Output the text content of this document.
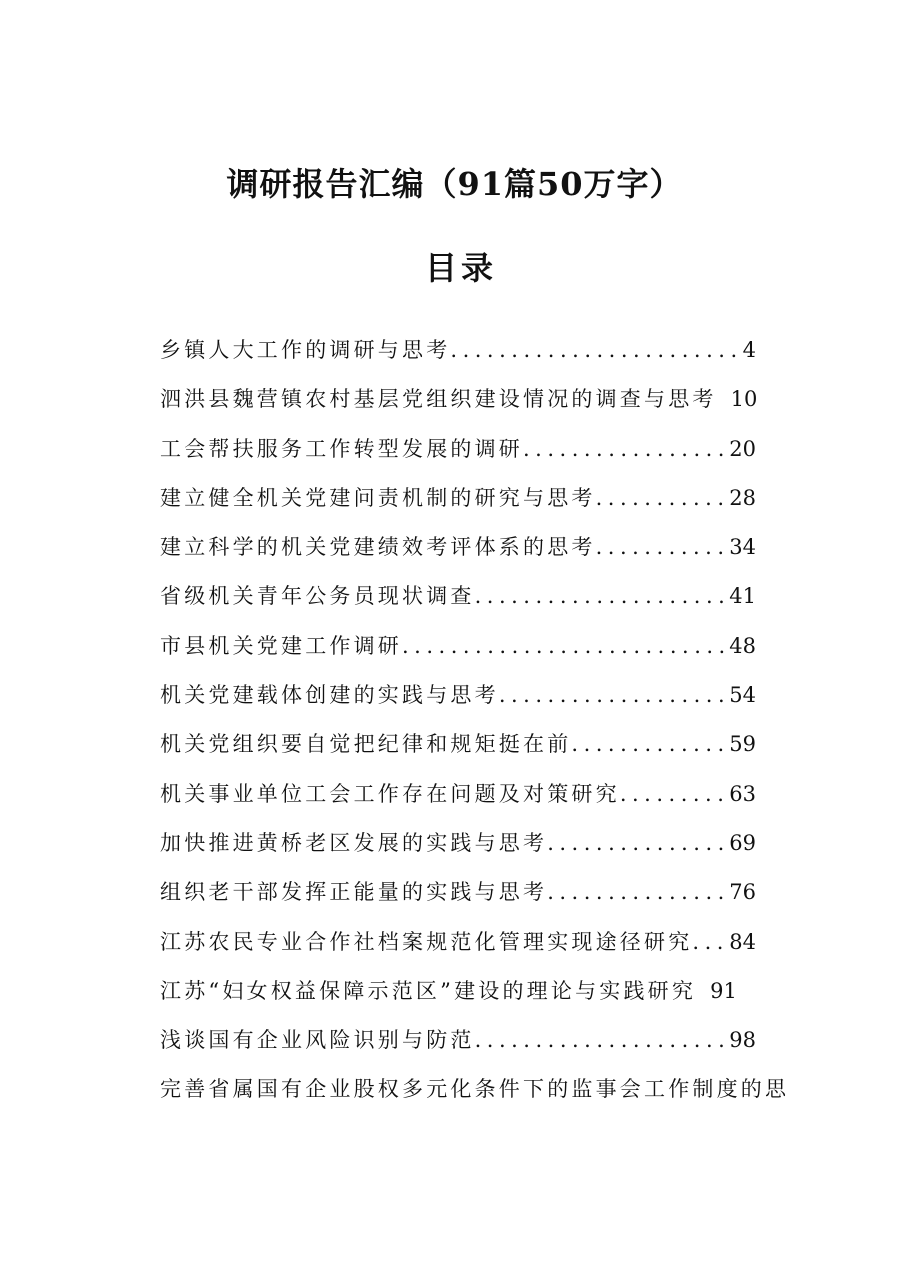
调研报告汇编（91篇50万字）
目录
乡镇人大工作的调研与思考 .....	4
泗洪县魏营镇农村基层党组织建设情况的调查与思考 10
工会帮扶服务工作转型发展的调研 .....	20
建立健全机关党建问责机制的研究与思考 .....	28
建立科学的机关党建绩效考评体系的思考 .....	34
省级机关青年公务员现状调查 .....	41
市县机关党建工作调研 .....	48
机关党建载体创建的实践与思考 .....	54
机关党组织要自觉把纪律和规矩挺在前 .....	59
机关事业单位工会工作存在问题及对策研究 .....	63
加快推进黄桥老区发展的实践与思考 .....	69
组织老干部发挥正能量的实践与思考 .....	76
江苏农民专业合作社档案规范化管理实现途径研究 ..... 84
江苏“妇女权益保障示范区”建设的理论与实践研究 91
浅谈国有企业风险识别与防范 .....	98
完善省属国有企业股权多元化条件下的监事会工作制度的思
